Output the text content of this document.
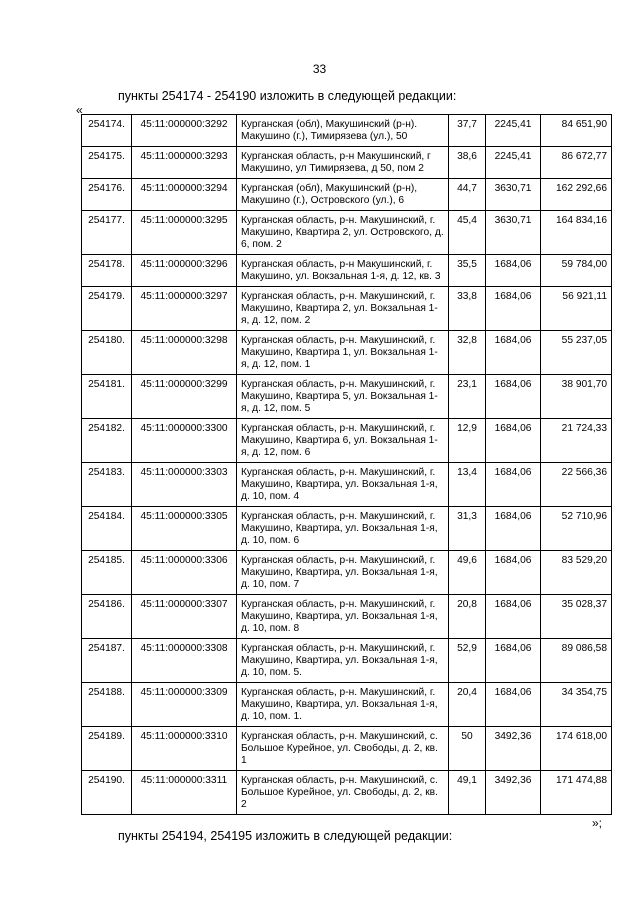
33
пункты 254174 - 254190 изложить в следующей редакции:
«
254174.	45:11:000000:3292	Курганская (обл), Макушинский (р-н). Макушино (г.), Тимирязева (ул.), 50	37,7	2245,41	84 651,90
254175.	45:11:000000:3293	Курганская область, р-н Макушинский, г Макушино, ул Тимирязева, д 50, пом 2	38,6	2245,41	86 672,77
254176.	45:11:000000:3294	Курганская (обл), Макушинский (р-н), Макушино (г.), Островского (ул.), 6	44,7	3630,71	162 292,66
254177.	45:11:000000:3295	Курганская область, р-н. Макушинский, г. Макушино, Квартира 2, ул. Островского, д. 6, пом. 2	45,4	3630,71	164 834,16
254178.	45:11:000000:3296	Курганская область, р-н Макушинский, г. Макушино, ул. Вокзальная 1-я, д. 12, кв. 3	35,5	1684,06	59 784,00
254179.	45:11:000000:3297	Курганская область, р-н. Макушинский, г. Макушино, Квартира 2, ул. Вокзальная 1-я, д. 12, пом. 2	33,8	1684,06	56 921,11
254180.	45:11:000000:3298	Курганская область, р-н. Макушинский, г. Макушино, Квартира 1, ул. Вокзальная 1-я, д. 12, пом. 1	32,8	1684,06	55 237,05
254181.	45:11:000000:3299	Курганская область, р-н. Макушинский, г. Макушино, Квартира 5, ул. Вокзальная 1-я, д. 12, пом. 5	23,1	1684,06	38 901,70
254182.	45:11:000000:3300	Курганская область, р-н. Макушинский, г. Макушино, Квартира 6, ул. Вокзальная 1-я, д. 12, пом. 6	12,9	1684,06	21 724,33
254183.	45:11:000000:3303	Курганская область, р-н. Макушинский, г. Макушино, Квартира, ул. Вокзальная 1-я, д. 10, пом. 4	13,4	1684,06	22 566,36
254184.	45:11:000000:3305	Курганская область, р-н. Макушинский, г. Макушино, Квартира, ул. Вокзальная 1-я, д. 10, пом. 6	31,3	1684,06	52 710,96
254185.	45:11:000000:3306	Курганская область, р-н. Макушинский, г. Макушино, Квартира, ул. Вокзальная 1-я, д. 10, пом. 7	49,6	1684,06	83 529,20
254186.	45:11:000000:3307	Курганская область, р-н. Макушинский, г. Макушино, Квартира, ул. Вокзальная 1-я, д. 10, пом. 8	20,8	1684,06	35 028,37
254187.	45:11:000000:3308	Курганская область, р-н. Макушинский, г. Макушино, Квартира, ул. Вокзальная 1-я, д. 10, пом. 5.	52,9	1684,06	89 086,58
254188.	45:11:000000:3309	Курганская область, р-н. Макушинский, г. Макушино, Квартира, ул. Вокзальная 1-я, д. 10, пом. 1.	20,4	1684,06	34 354,75
254189.	45:11:000000:3310	Курганская область, р-н. Макушинский, с. Большое Курейное, ул. Свободы, д. 2, кв. 1	50	3492,36	174 618,00
254190.	45:11:000000:3311	Курганская область, р-н. Макушинский, с. Большое Курейное, ул. Свободы, д. 2, кв. 2	49,1	3492,36	171 474,88
»;
пункты 254194, 254195 изложить в следующей редакции:
